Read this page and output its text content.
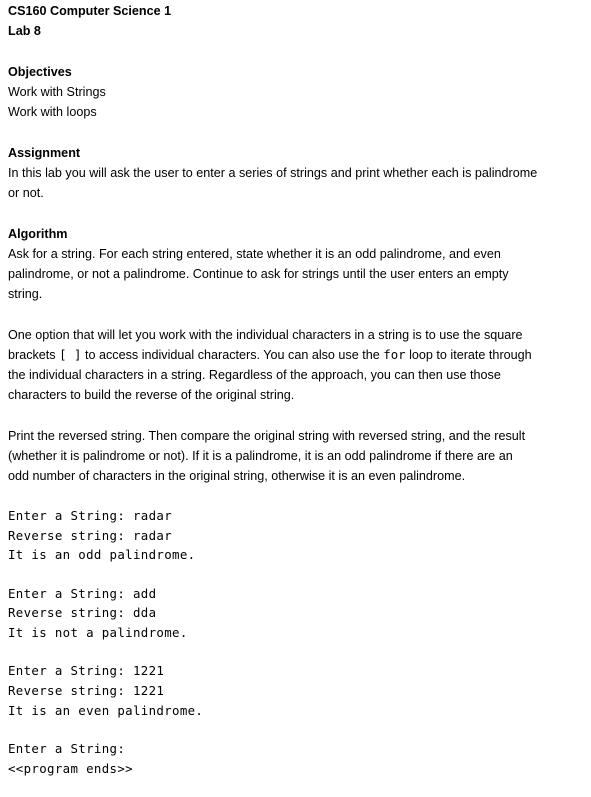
CS160 Computer Science 1
Lab 8
Objectives
Work with Strings
Work with loops
Assignment
In this lab you will ask the user to enter a series of strings and print whether each is palindrome
or not.
Algorithm
Ask for a string. For each string entered, state whether it is an odd palindrome, and even
palindrome, or not a palindrome. Continue to ask for strings until the user enters an empty
string.
One option that will let you work with the individual characters in a string is to use the square
brackets [ ] to access individual characters. You can also use the for loop to iterate through
the individual characters in a string. Regardless of the approach, you can then use those
characters to build the reverse of the original string.
Print the reversed string. Then compare the original string with reversed string, and the result
(whether it is palindrome or not). If it is a palindrome, it is an odd palindrome if there are an
odd number of characters in the original string, otherwise it is an even palindrome.
Enter a String: radar
Reverse string: radar
It is an odd palindrome.
Enter a String: add
Reverse string: dda
It is not a palindrome.
Enter a String: 1221
Reverse string: 1221
It is an even palindrome.
Enter a String:
<<program ends>>
